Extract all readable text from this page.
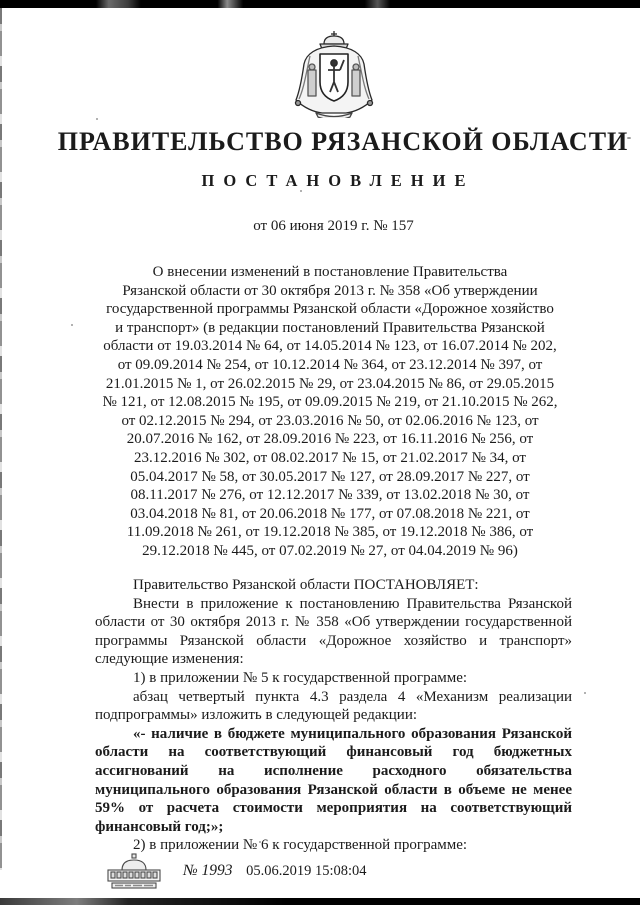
ПРАВИТЕЛЬСТВО РЯЗАНСКОЙ ОБЛАСТИ
ПОСТАНОВЛЕНИЕ
от 06 июня 2019 г. № 157
О внесении изменений в постановление Правительства
Рязанской области от 30 октября 2013 г. № 358 «Об утверждении
государственной программы Рязанской области «Дорожное хозяйство
и транспорт» (в редакции постановлений Правительства Рязанской
области от 19.03.2014 № 64, от 14.05.2014 № 123, от 16.07.2014 № 202,
от 09.09.2014 № 254, от 10.12.2014 № 364, от 23.12.2014 № 397, от
21.01.2015 № 1, от 26.02.2015 № 29, от 23.04.2015 № 86, от 29.05.2015
№ 121, от 12.08.2015 № 195, от 09.09.2015 № 219, от 21.10.2015 № 262,
от 02.12.2015 № 294, от 23.03.2016 № 50, от 02.06.2016 № 123, от
20.07.2016 № 162, от 28.09.2016 № 223, от 16.11.2016 № 256, от
23.12.2016 № 302, от 08.02.2017 № 15, от 21.02.2017 № 34, от
05.04.2017 № 58, от 30.05.2017 № 127, от 28.09.2017 № 227, от
08.11.2017 № 276, от 12.12.2017 № 339, от 13.02.2018 № 30, от
03.04.2018 № 81, от 20.06.2018 № 177, от 07.08.2018 № 221, от
11.09.2018 № 261, от 19.12.2018 № 385, от 19.12.2018 № 386, от
29.12.2018 № 445, от 07.02.2019 № 27, от 04.04.2019 № 96)

Правительство Рязанской области ПОСТАНОВЛЯЕТ:

Внести в приложение к постановлению Правительства Рязанской области от 30 октября 2013 г. № 358 «Об утверждении государственной программы Рязанской области «Дорожное хозяйство и транспорт» следующие изменения:

1) в приложении № 5 к государственной программе:

абзац четвертый пункта 4.3 раздела 4 «Механизм реализации подпрограммы» изложить в следующей редакции:

«- наличие в бюджете муниципального образования Рязанской области на соответствующий финансовый год бюджетных ассигнований на исполнение расходного обязательства муниципального образования Рязанской области в объеме не менее 59% от расчета стоимости мероприятия на соответствующий финансовый год;»;

2) в приложении № 6 к государственной программе:

№ 1993 05.06.2019 15:08:04
